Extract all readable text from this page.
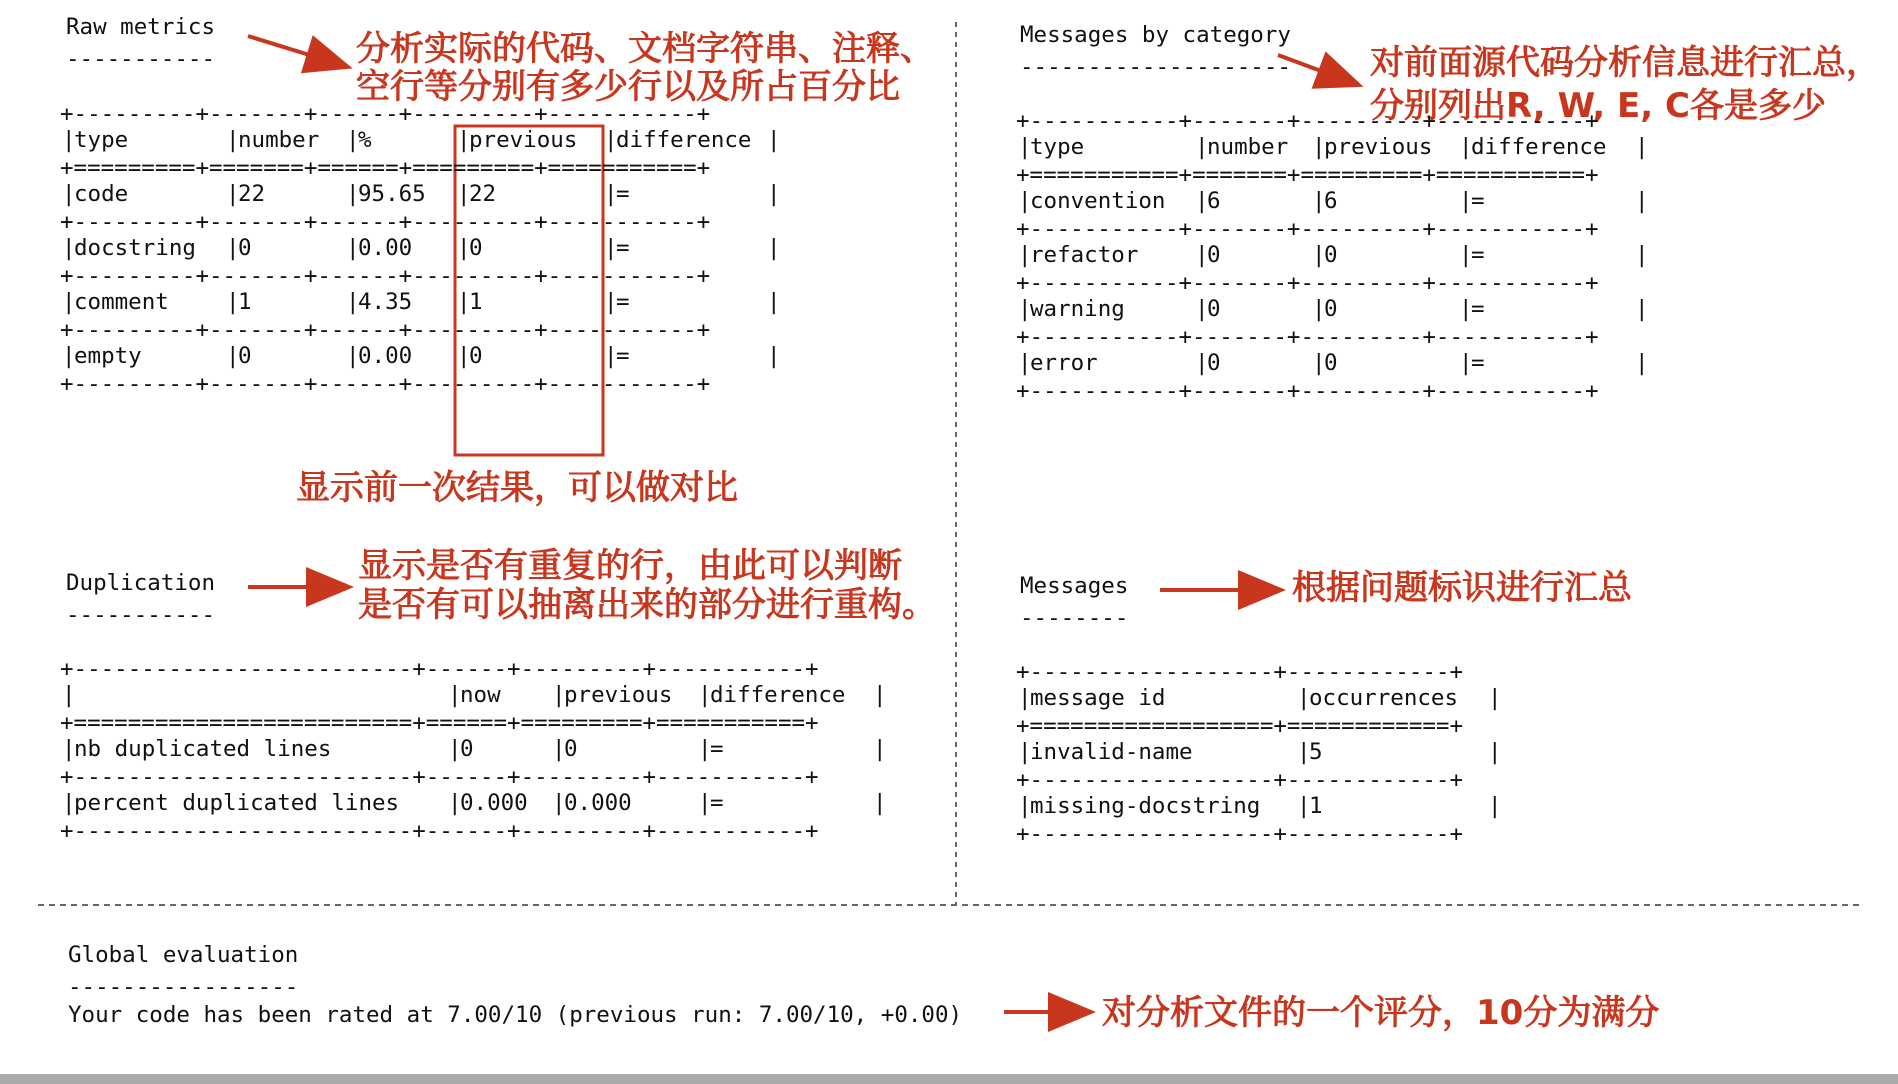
Raw metrics
-----------
Messages by category
--------------------
Duplication
-----------
Messages
--------
Global evaluation
-----------------
Your code has been rated at 7.00/10 (previous run: 7.00/10, +0.00)
分析实际的代码、文档字符串、注释、
空行等分别有多少行以及所占百分比
显示前一次结果，可以做对比
显示是否有重复的行，由此可以判断
是否有可以抽离出来的部分进行重构。
对前面源代码分析信息进行汇总，
分别列出R, W, E, C各是多少
根据问题标识进行汇总
对分析文件的一个评分，10分为满分
+---------+-------+------+---------+-----------+
|
type	|
number |
%	|
previous |
difference |
+=========+=======+======+=========+===========+
|
code	|
22	|
95.65 |
22	|
=	|
+---------+-------+------+---------+-----------+
|
docstring |
0	|
0.00 |
0	|
=	|
+---------+-------+------+---------+-----------+
|
comment	|
1	|
4.35 |
1	|
=	|
+---------+-------+------+---------+-----------+
|
empty	|
0	|
0.00 |
0	|
=	|
+---------+-------+------+---------+-----------+
+-----------+-------+---------+-----------+
|
type	|
number |
previous |
difference |
+===========+=======+=========+===========+
|
convention |
6	|
6	|
=	|
+-----------+-------+---------+-----------+
|
refactor	|
0	|
0	|
=	|
+-----------+-------+---------+-----------+
|
warning	|
0	|
0	|
=	|
+-----------+-------+---------+-----------+
|
error	|
0	|
0	|
=	|
+-----------+-------+---------+-----------+
+-------------------------+------+---------+-----------+
|	|
now |
previous |
difference |
+=========================+======+=========+===========+
|
nb duplicated lines	|
0	|
0	|
=	|
+-------------------------+------+---------+-----------+
|
percent duplicated lines |
0.000 |
0.000	|
=	|
+-------------------------+------+---------+-----------+
+------------------+------------+
|
message id	|
occurrences |
+==================+============+
|
invalid-name	|
5	|
+------------------+------------+
|
missing-docstring |
1	|
+------------------+------------+
